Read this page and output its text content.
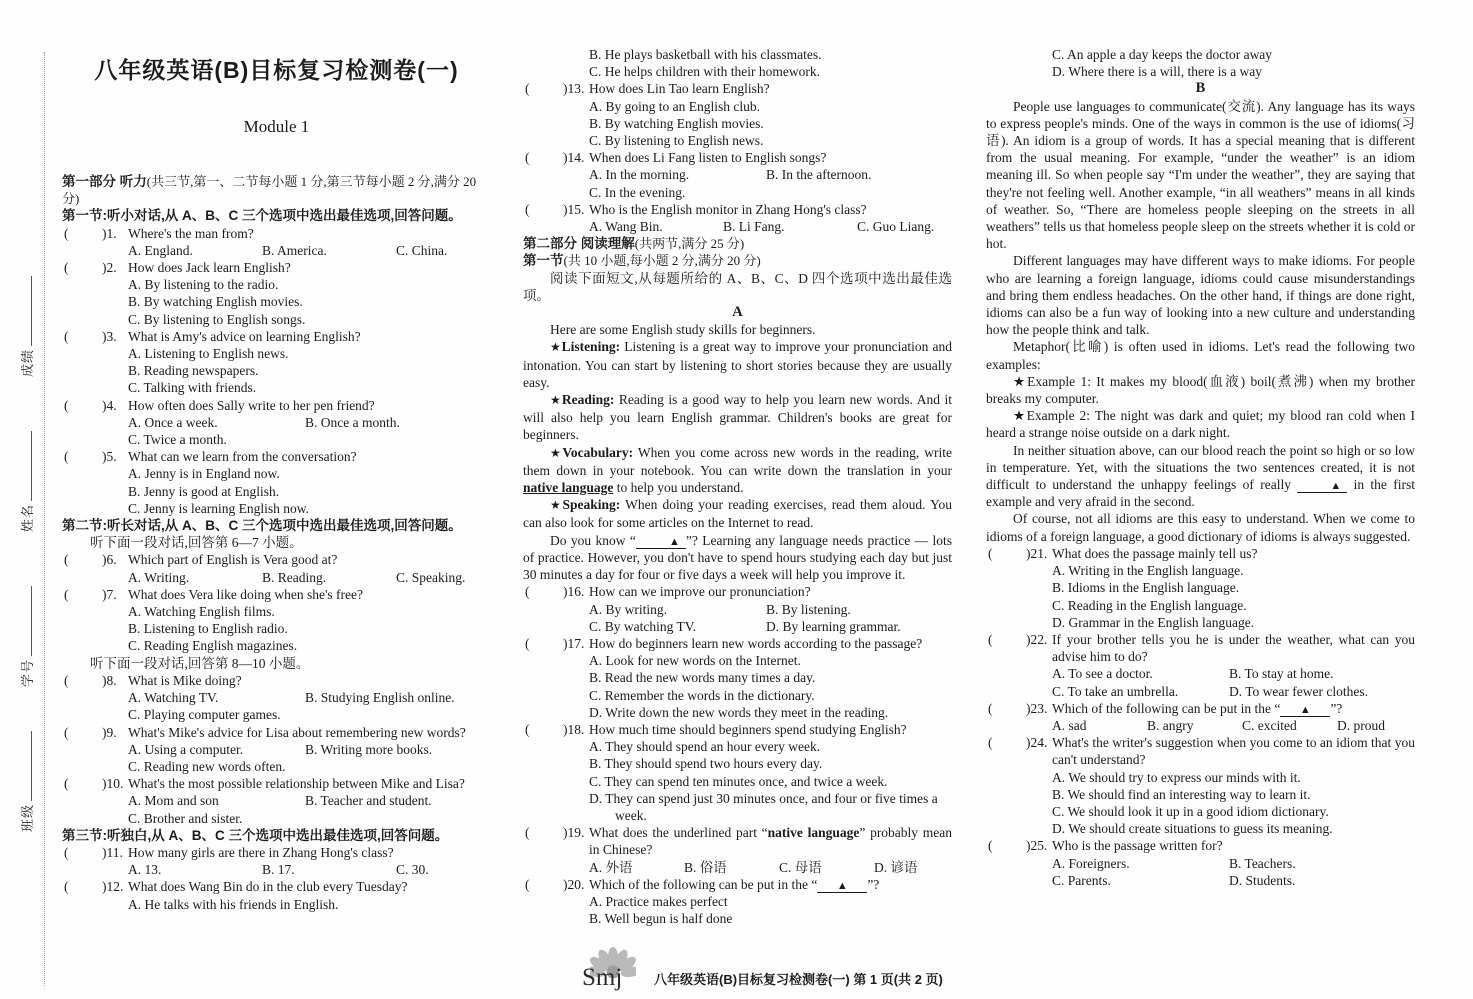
成绩
姓名
学号
班级
八年级英语(B)目标复习检测卷(一)
Module 1
第一部分 听力(共三节,第一、二节每小题 1 分,第三节每小题 2 分,满分 20 分)
第一节:听小对话,从 A、B、C 三个选项中选出最佳选项,回答问题。
( )1. Where's the man from?
A. England.	B. America.	C. China.
( )2. How does Jack learn English?
A. By listening to the radio.
B. By watching English movies.
C. By listening to English songs.
( )3. What is Amy's advice on learning English?
A. Listening to English news.
B. Reading newspapers.
C. Talking with friends.
( )4. How often does Sally write to her pen friend?
A. Once a week.	B. Once a month.
C. Twice a month.
( )5. What can we learn from the conversation?
A. Jenny is in England now.
B. Jenny is good at English.
C. Jenny is learning English now.
第二节:听长对话,从 A、B、C 三个选项中选出最佳选项,回答问题。
听下面一段对话,回答第 6—7 小题。
( )6. Which part of English is Vera good at?
A. Writing.	B. Reading.	C. Speaking.
( )7. What does Vera like doing when she's free?
A. Watching English films.
B. Listening to English radio.
C. Reading English magazines.
听下面一段对话,回答第 8—10 小题。
( )8. What is Mike doing?
A. Watching TV.	B. Studying English online.
C. Playing computer games.
( )9. What's Mike's advice for Lisa about remembering new words?
A. Using a computer.	B. Writing more books.
C. Reading new words often.
( )10. What's the most possible relationship between Mike and Lisa?
A. Mom and son	B. Teacher and student.
C. Brother and sister.
第三节:听独白,从 A、B、C 三个选项中选出最佳选项,回答问题。
( )11. How many girls are there in Zhang Hong's class?
A. 13.	B. 17.	C. 30.
( )12. What does Wang Bin do in the club every Tuesday?
A. He talks with his friends in English.
B. He plays basketball with his classmates.
C. He helps children with their homework.
( )13. How does Lin Tao learn English?
A. By going to an English club.
B. By watching English movies.
C. By listening to English news.
( )14. When does Li Fang listen to English songs?
A. In the morning.	B. In the afternoon.
C. In the evening.
( )15. Who is the English monitor in Zhang Hong's class?
A. Wang Bin.	B. Li Fang.	C. Guo Liang.
第二部分 阅读理解(共两节,满分 25 分)
第一节(共 10 小题,每小题 2 分,满分 20 分)
阅读下面短文,从每题所给的 A、B、C、D 四个选项中选出最佳选项。
A
Here are some English study skills for beginners.
★Listening: Listening is a great way to improve your pronunciation and intonation. You can start by listening to short stories because they are usually easy.
★Reading: Reading is a good way to help you learn new words. And it will also help you learn English grammar. Children's books are great for beginners.
★Vocabulary: When you come across new words in the reading, write them down in your notebook. You can write down the translation in your native language to help you understand.
★Speaking: When doing your reading exercises, read them aloud. You can also look for some articles on the Internet to read.
Do you know “	▲ ”? Learning any language needs practice — lots of practice. However, you don't have to spend hours studying each day but just 30 minutes a day for four or five days a week will help you improve it.
( )16. How can we improve our pronunciation?
A. By writing.	B. By listening.
C. By watching TV.	D. By learning grammar.
( )17. How do beginners learn new words according to the passage?
A. Look for new words on the Internet.
B. Read the new words many times a day.
C. Remember the words in the dictionary.
D. Write down the new words they meet in the reading.
( )18. How much time should beginners spend studying English?
A. They should spend an hour every week.
B. They should spend two hours every day.
C. They can spend ten minutes once, and twice a week.
D. They can spend just 30 minutes once, and four or five times a week.
( )19. What does the underlined part “native language” probably mean in Chinese?
A. 外语	B. 俗语	C. 母语	D. 谚语
( )20. Which of the following can be put in the “ ▲ ”?
A. Practice makes perfect
B. Well begun is half done
C. An apple a day keeps the doctor away
D. Where there is a will, there is a way
B
People use languages to communicate(交流). Any language has its ways to express people's minds. One of the ways in common is the use of idioms(习语). An idiom is a group of words. It has a special meaning that is different from the usual meaning. For example, “under the weather” is an idiom meaning ill. So when people say “I'm under the weather”, they are saying that they're not feeling well. Another example, “in all weathers” means in all kinds of weather. So, “There are homeless people sleeping on the streets in all weathers” tells us that homeless people sleep on the streets whether it is cold or hot.
Different languages may have different ways to make idioms. For people who are learning a foreign language, idioms could cause misunderstandings and bring them endless headaches. On the other hand, if things are done right, idioms can also be a fun way of looking into a new culture and understanding how the people think and talk.
Metaphor(比喻) is often used in idioms. Let's read the following two examples:
★Example 1: It makes my blood(血液) boil(煮沸) when my brother breaks my computer.
★Example 2: The night was dark and quiet; my blood ran cold when I heard a strange noise outside on a dark night.
In neither situation above, can our blood reach the point so high or so low in temperature. Yet, with the situations the two sentences created, it is not difficult to understand the unhappy feelings of really	▲ in the first example and very afraid in the second.
Of course, not all idioms are this easy to understand. When we come to idioms of a foreign language, a good dictionary of idioms is always suggested.
( )21. What does the passage mainly tell us?
A. Writing in the English language.
B. Idioms in the English language.
C. Reading in the English language.
D. Grammar in the English language.
( )22. If your brother tells you he is under the weather, what can you advise him to do?
A. To see a doctor.	B. To stay at home.
C. To take an umbrella.	D. To wear fewer clothes.
( )23. Which of the following can be put in the “ ▲ ”?
A. sad	B. angry	C. excited	D. proud
( )24. What's the writer's suggestion when you come to an idiom that you can't understand?
A. We should try to express our minds with it.
B. We should find an interesting way to learn it.
C. We should look it up in a good idiom dictionary.
D. We should create situations to guess its meaning.
( )25. Who is the passage written for?
A. Foreigners.	B. Teachers.
C. Parents.	D. Students.
Smj 八年级英语(B)目标复习检测卷(一) 第 1 页(共 2 页)
